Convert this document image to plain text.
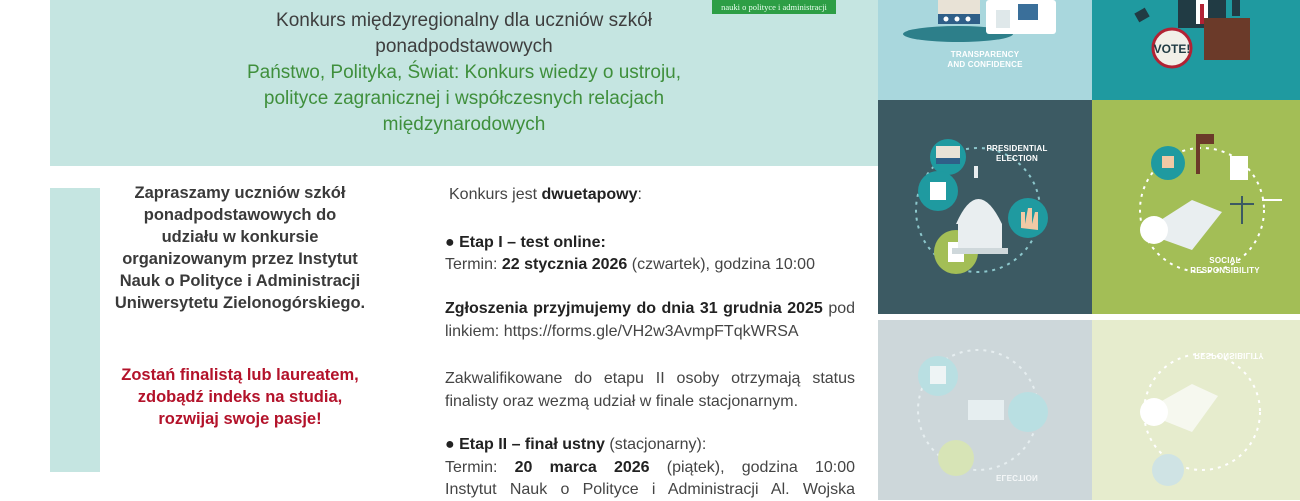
Konkurs międzyregionalny dla uczniów szkół
ponadpodstawowych
Państwo, Polityka, Świat: Konkurs wiedzy o ustroju,
polityce zagranicznej i współczesnych relacjach
międzynarodowych
nauki o polityce i administracji
Zapraszamy uczniów szkół
ponadpodstawowych do
udziału w konkursie
organizowanym przez Instytut
Nauk o Polityce i Administracji
Uniwersytetu Zielonogórskiego.
Zostań finalistą lub laureatem,
zdobądź indeks na studia,
rozwijaj swoje pasje!
Konkurs jest dwuetapowy:
● Etap I – test online:
Termin: 22 stycznia 2026 (czwartek), godzina 10:00
Zgłoszenia przyjmujemy do dnia 31 grudnia 2025 pod
linkiem: https://forms.gle/VH2w3AvmpFTqkWRSA
Zakwalifikowane do etapu II osoby otrzymają status
finalisty oraz wezmą udział w finale stacjonarnym.
● Etap II – finał ustny (stacjonarny):
Termin: 20 marca 2026 (piątek), godzina 10:00
Instytut Nauk o Polityce i Administracji Al. Wojska
TRANSPARENCY
AND CONFIDENCE
VOTE!
PRESIDENTIAL
ELECTION
SOCIAL
RESPONSIBILITY
ELECTION
RESPONSIBILITY
